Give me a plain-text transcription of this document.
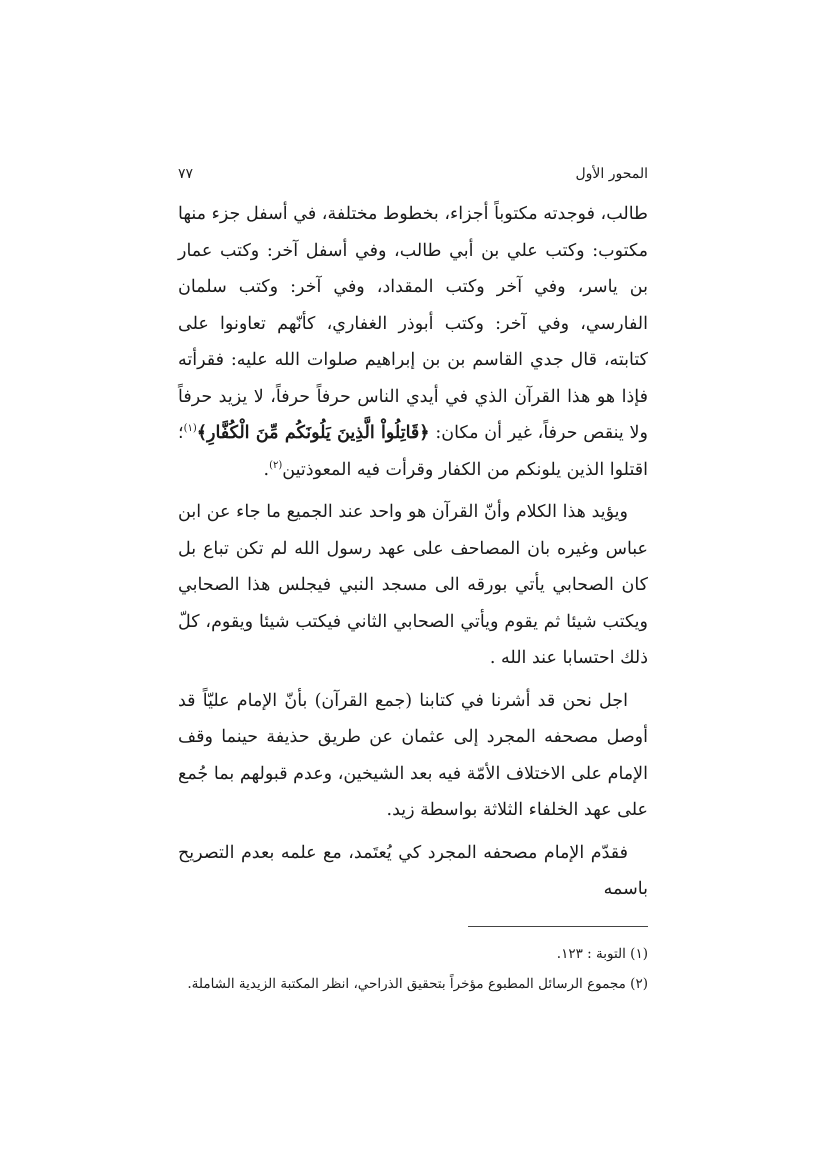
المحور الأول
٧٧

طالب، فوجدته مكتوباً أجزاء، بخطوط مختلفة، في أسفل جزء منها مكتوب: وكتب علي بن أبي طالب، وفي أسفل آخر: وكتب عمار بن ياسر، وفي آخر وكتب المقداد، وفي آخر: وكتب سلمان الفارسي، وفي آخر: وكتب أبوذر الغفاري، كأنّهم تعاونوا على كتابته، قال جدي القاسم بن بن إبراهيم صلوات الله عليه: فقرأته فإذا هو هذا القرآن الذي في أيدي الناس حرفاً حرفاً، لا يزيد حرفاً ولا ينقص حرفاً، غير أن مكان: ﴿قَاتِلُواْ الَّذِينَ يَلُونَكُم مِّنَ الْكُفَّارِ﴾$^{(١)}$؛ اقتلوا الذين يلونكم من الكفار وقرأت فيه المعوذتين$^{(٢)}$.

ويؤيد هذا الكلام وأنّ القرآن هو واحد عند الجميع ما جاء عن ابن عباس وغيره بان المصاحف على عهد رسول الله لم تكن تباع بل كان الصحابي يأتي بورقه الى مسجد النبي فيجلس هذا الصحابي ويكتب شيئا ثم يقوم ويأتي الصحابي الثاني فيكتب شيئا ويقوم، كلّ ذلك احتسابا عند الله .

اجل نحن قد أشرنا في كتابنا (جمع القرآن) بأنّ الإمام عليّاً قد أوصل مصحفه المجرد إلى عثمان عن طريق حذيفة حينما وقف الإمام على الاختلاف الأمّة فيه بعد الشيخين، وعدم قبولهم بما جُمع على عهد الخلفاء الثلاثة بواسطة زيد.

فقدّم الإمام مصحفه المجرد كي يُعتَمد، مع علمه بعدم التصريح باسمه

(١) التوبة : ١٢٣.

(٢) مجموع الرسائل المطبوع مؤخراً بتحقيق الذراحي، انظر المكتبة الزيدية الشاملة.
